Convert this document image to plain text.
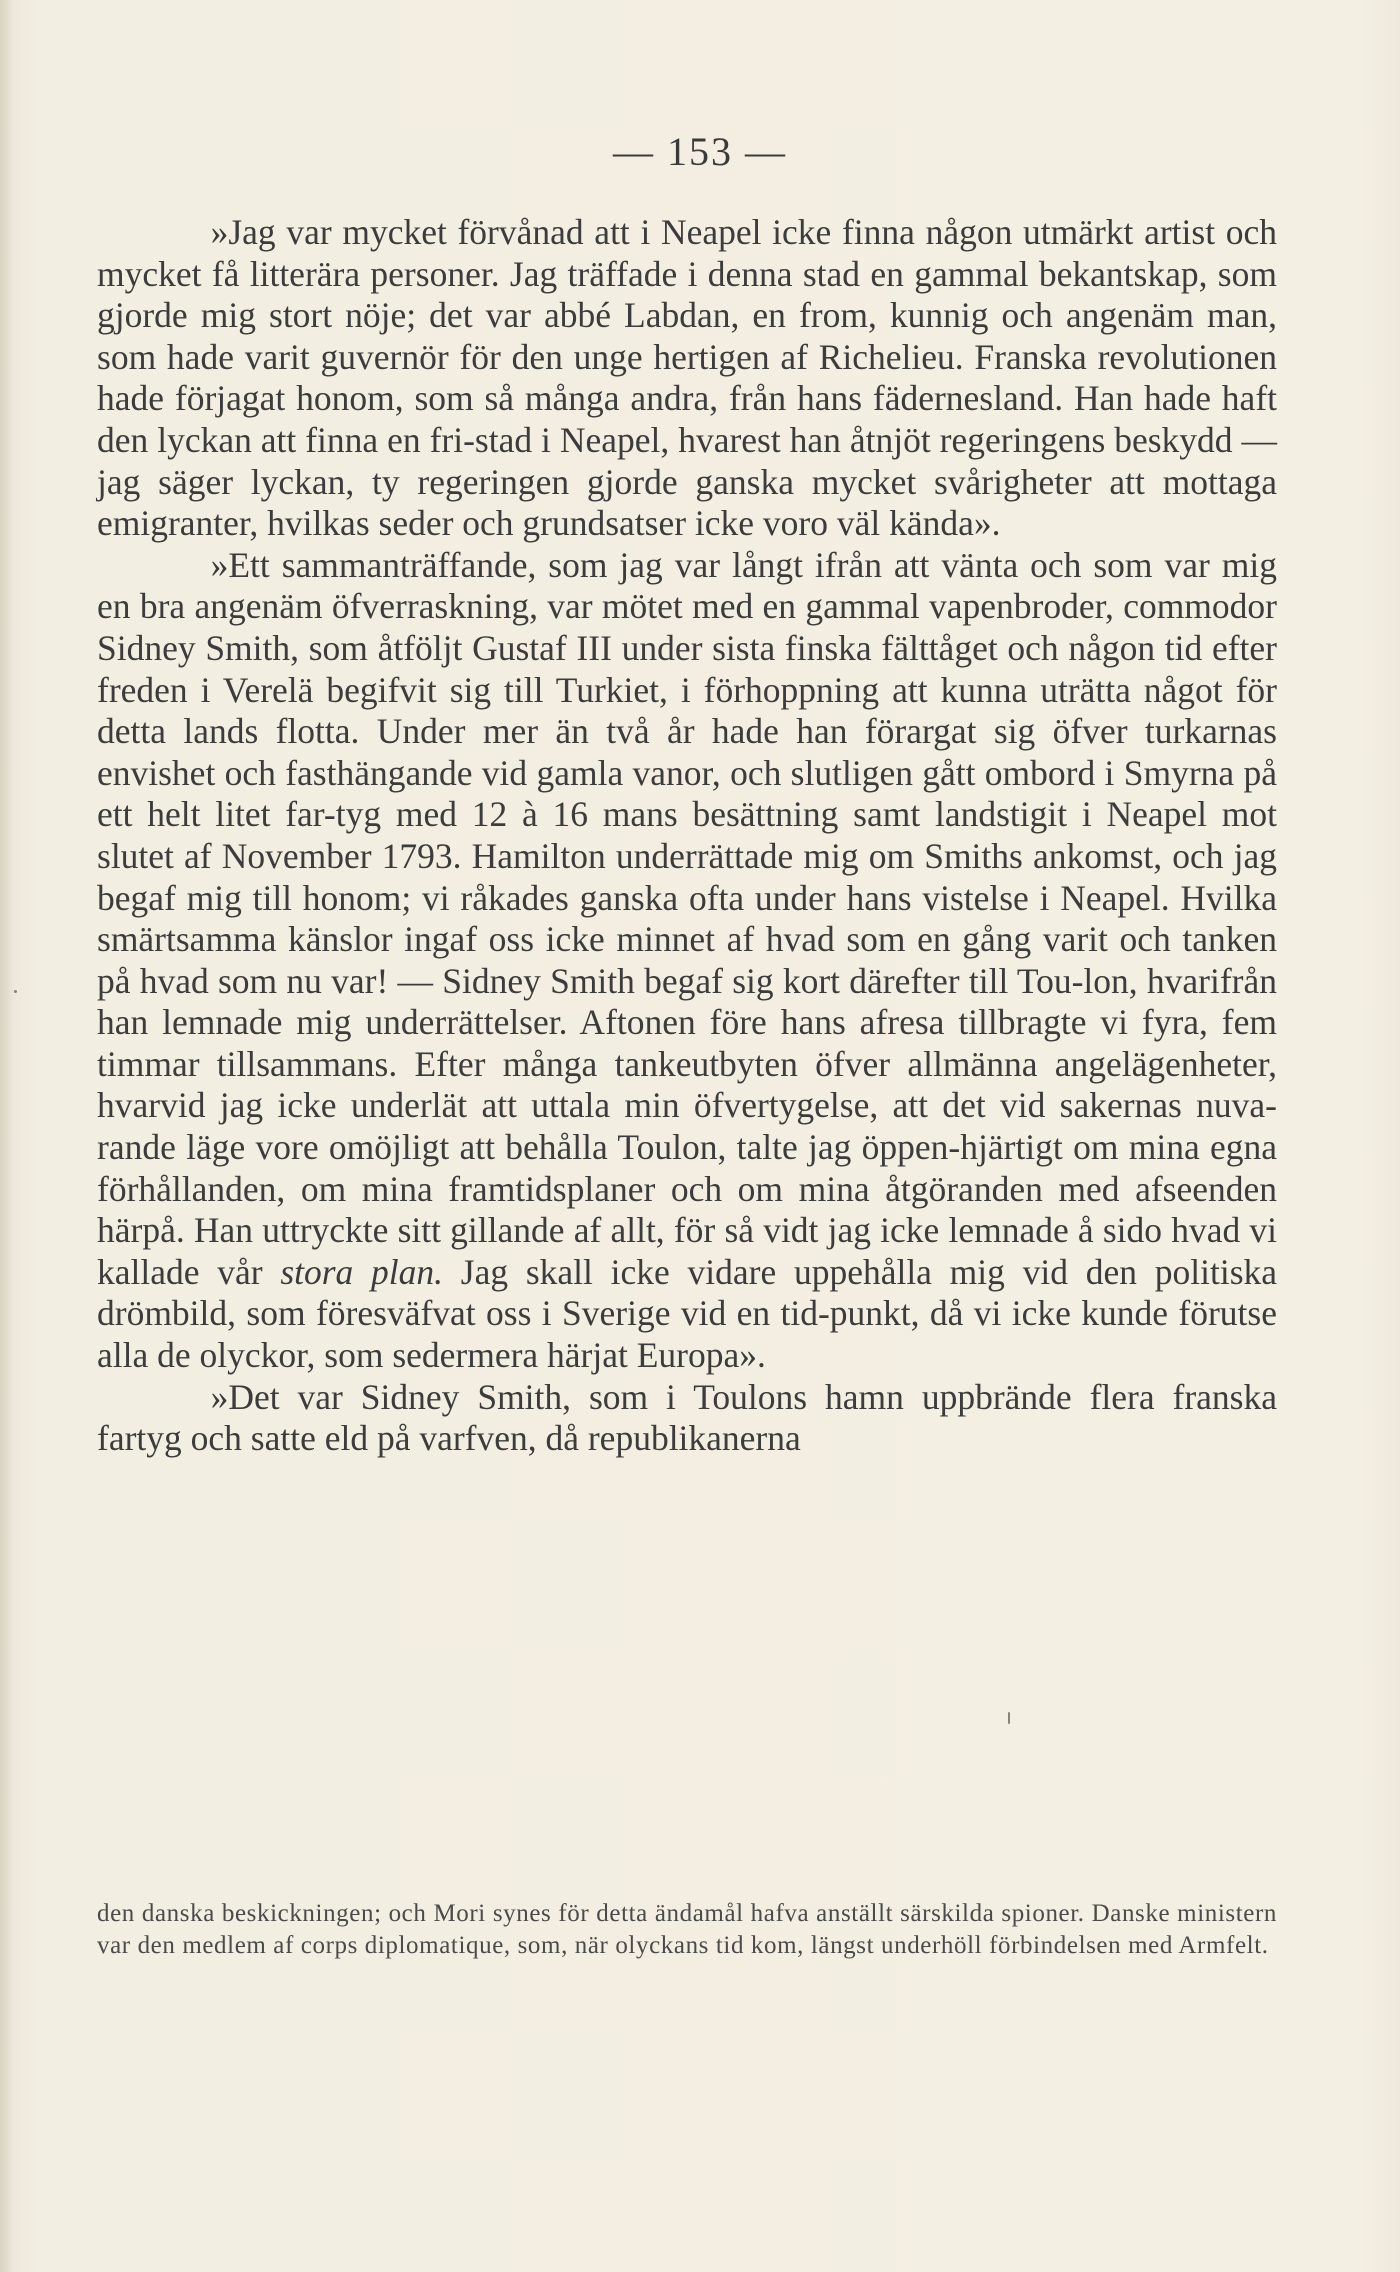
— 153 —

»Jag var mycket förvånad att i Neapel icke finna någon utmärkt artist och mycket få litterära personer. Jag träffade i denna stad en gammal bekantskap, som gjorde mig stort nöje; det var abbé Labdan, en from, kunnig och angenäm man, som hade varit guvernör för den unge hertigen af Richelieu. Franska revolutionen hade förjagat honom, som så många andra, från hans fädernesland. Han hade haft den lyckan att finna en fri-stad i Neapel, hvarest han åtnjöt regeringens beskydd — jag säger lyckan, ty regeringen gjorde ganska mycket svårigheter att mottaga emigranter, hvilkas seder och grundsatser icke voro väl kända».

»Ett sammanträffande, som jag var långt ifrån att vänta och som var mig en bra angenäm öfverraskning, var mötet med en gammal vapenbroder, commodor Sidney Smith, som åtföljt Gustaf III under sista finska fälttåget och någon tid efter freden i Verelä begifvit sig till Turkiet, i förhoppning att kunna uträtta något för detta lands flotta. Under mer än två år hade han förargat sig öfver turkarnas envishet och fasthängande vid gamla vanor, och slutligen gått ombord i Smyrna på ett helt litet far-tyg med 12 à 16 mans besättning samt landstigit i Neapel mot slutet af November 1793. Hamilton underrättade mig om Smiths ankomst, och jag begaf mig till honom; vi råkades ganska ofta under hans vistelse i Neapel. Hvilka smärtsamma känslor ingaf oss icke minnet af hvad som en gång varit och tanken på hvad som nu var! — Sidney Smith begaf sig kort därefter till Tou-lon, hvarifrån han lemnade mig underrättelser. Aftonen före hans afresa tillbragte vi fyra, fem timmar tillsammans. Efter många tankeutbyten öfver allmänna angelägenheter, hvarvid jag icke underlät att uttala min öfvertygelse, att det vid sakernas nuva-rande läge vore omöjligt att behålla Toulon, talte jag öppen-hjärtigt om mina egna förhållanden, om mina framtidsplaner och om mina åtgöranden med afseenden härpå. Han uttryckte sitt gillande af allt, för så vidt jag icke lemnade å sido hvad vi kallade vår stora plan. Jag skall icke vidare uppehålla mig vid den politiska drömbild, som föresväfvat oss i Sverige vid en tid-punkt, då vi icke kunde förutse alla de olyckor, som sedermera härjat Europa».

»Det var Sidney Smith, som i Toulons hamn uppbrände flera franska fartyg och satte eld på varfven, då republikanerna

den danska beskickningen; och Mori synes för detta ändamål hafva anställt särskilda spioner. Danske ministern var den medlem af corps diplomatique, som, när olyckans tid kom, längst underhöll förbindelsen med Armfelt.
